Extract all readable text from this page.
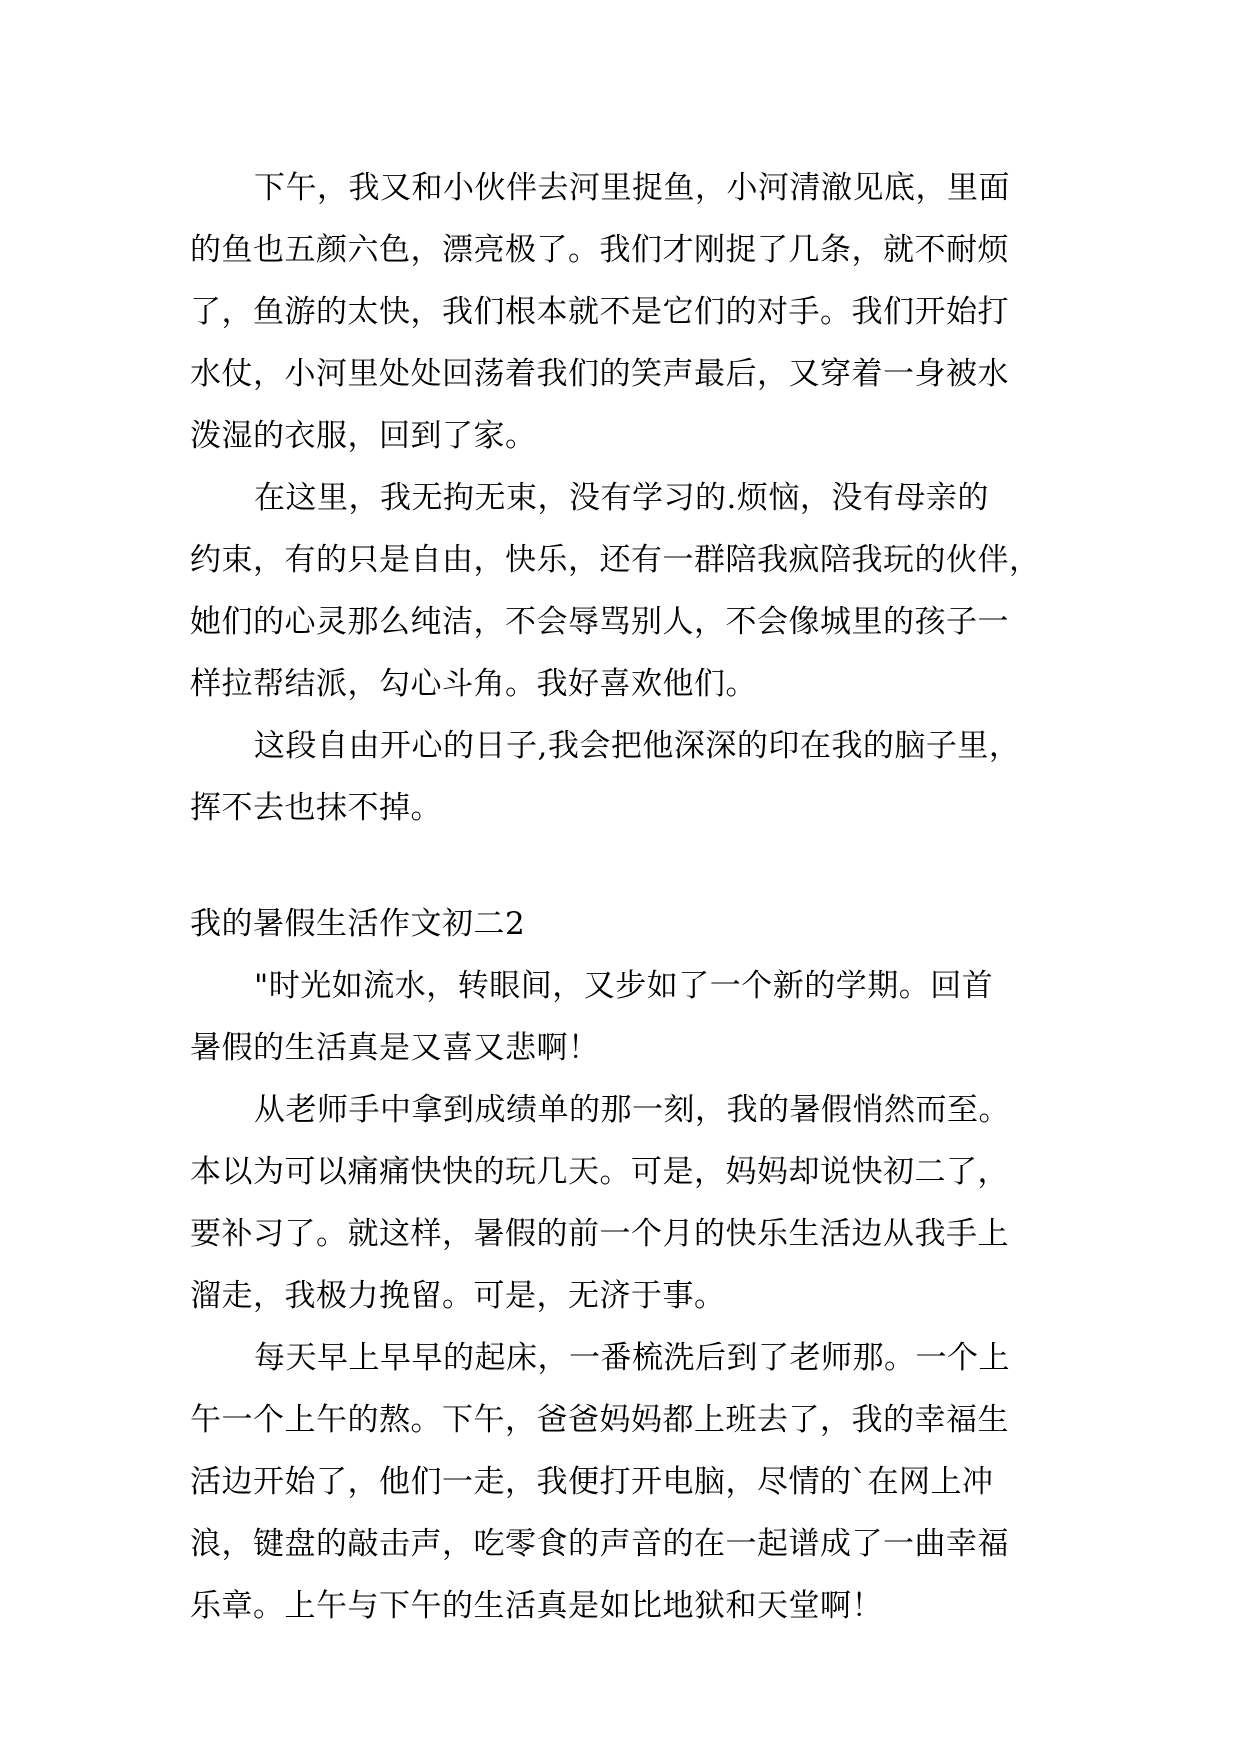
下午，我又和小伙伴去河里捉鱼，小河清澈见底，里面
的鱼也五颜六色，漂亮极了。我们才刚捉了几条，就不耐烦
了，鱼游的太快，我们根本就不是它们的对手。我们开始打
水仗，小河里处处回荡着我们的笑声最后，又穿着一身被水
泼湿的衣服，回到了家。
在这里，我无拘无束，没有学习的.烦恼，没有母亲的
约束，有的只是自由，快乐，还有一群陪我疯陪我玩的伙伴，
她们的心灵那么纯洁，不会辱骂别人，不会像城里的孩子一
样拉帮结派，勾心斗角。我好喜欢他们。
这段自由开心的日子,我会把他深深的印在我的脑子里，
挥不去也抹不掉。
我的暑假生活作文初二2
"时光如流水，转眼间，又步如了一个新的学期。回首
暑假的生活真是又喜又悲啊！
从老师手中拿到成绩单的那一刻，我的暑假悄然而至。
本以为可以痛痛快快的玩几天。可是，妈妈却说快初二了，
要补习了。就这样，暑假的前一个月的快乐生活边从我手上
溜走，我极力挽留。可是，无济于事。
每天早上早早的起床，一番梳洗后到了老师那。一个上
午一个上午的熬。下午，爸爸妈妈都上班去了，我的幸福生
活边开始了，他们一走，我便打开电脑，尽情的`在网上冲
浪，键盘的敲击声，吃零食的声音的在一起谱成了一曲幸福
乐章。上午与下午的生活真是如比地狱和天堂啊！
